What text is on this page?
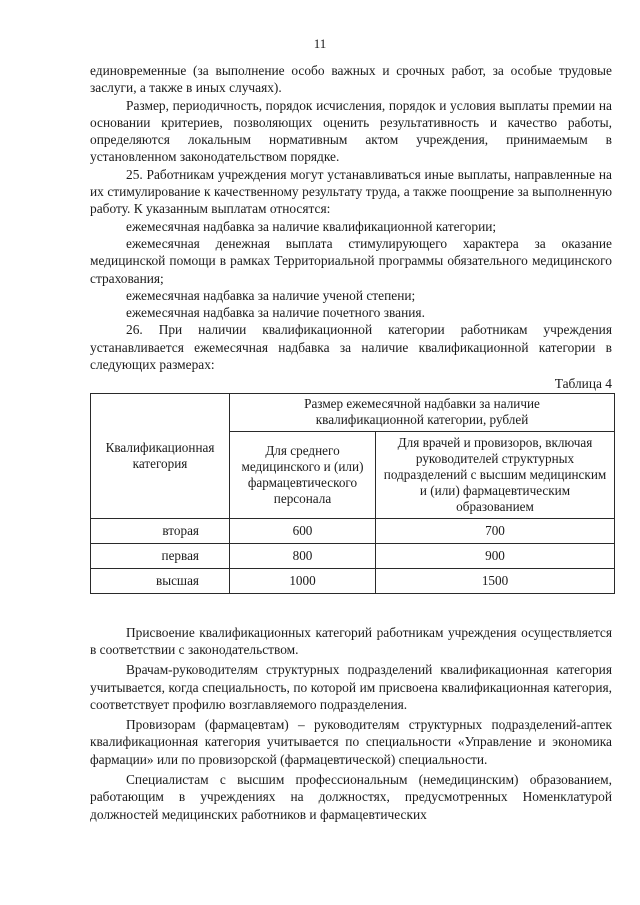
11

единовременные (за выполнение особо важных и срочных работ, за особые трудовые заслуги, а также в иных случаях).

Размер, периодичность, порядок исчисления, порядок и условия выплаты премии на основании критериев, позволяющих оценить результативность и качество работы, определяются локальным нормативным актом учреждения, принимаемым в установленном законодательством порядке.

25. Работникам учреждения могут устанавливаться иные выплаты, направленные на их стимулирование к качественному результату труда, а также поощрение за выполненную работу. К указанным выплатам относятся:

ежемесячная надбавка за наличие квалификационной категории;

ежемесячная денежная выплата стимулирующего характера за оказание медицинской помощи в рамках Территориальной программы обязательного медицинского страхования;

ежемесячная надбавка за наличие ученой степени;

ежемесячная надбавка за наличие почетного звания.

26. При наличии квалификационной категории работникам учреждения устанавливается ежемесячная надбавка за наличие квалификационной категории в следующих размерах:

Таблица 4
Квалификационная категория	Размер ежемесячной надбавки за наличие квалификационной категории, рублей	
	Для среднего медицинского и (или) фармацевтического персонала	Для врачей и провизоров, включая руководителей структурных подразделений с высшим медицинским и (или) фармацевтическим образованием
вторая	600	700
первая	800	900
высшая	1000	1500

Присвоение квалификационных категорий работникам учреждения осуществляется в соответствии с законодательством.

Врачам-руководителям структурных подразделений квалификационная категория учитывается, когда специальность, по которой им присвоена квалификационная категория, соответствует профилю возглавляемого подразделения.

Провизорам (фармацевтам) – руководителям структурных подразделений-аптек квалификационная категория учитывается по специальности «Управление и экономика фармации» или по провизорской (фармацевтической) специальности.

Специалистам с высшим профессиональным (немедицинским) образованием, работающим в учреждениях на должностях, предусмотренных Номенклатурой должностей медицинских работников и фармацевтических
